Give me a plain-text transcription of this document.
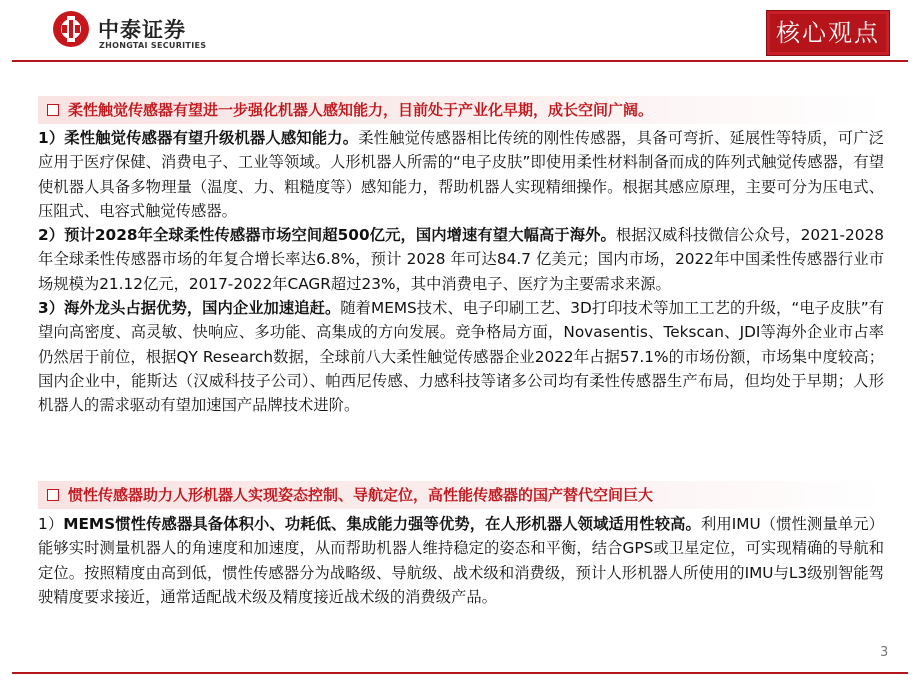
中泰证券
ZHONGTAI SECURITIES	核心观点
柔性触觉传感器有望进一步强化机器人感知能力，目前处于产业化早期，成长空间广阔。
1）柔性触觉传感器有望升级机器人感知能力。柔性触觉传感器相比传统的刚性传感器，具备可弯折、延展性等特质，可广泛应用于医疗保健、消费电子、工业等领域。人形机器人所需的“电子皮肤”即使用柔性材料制备而成的阵列式触觉传感器，有望使机器人具备多物理量（温度、力、粗糙度等）感知能力，帮助机器人实现精细操作。根据其感应原理，主要可分为压电式、压阻式、电容式触觉传感器。
2）预计2028年全球柔性传感器市场空间超500亿元，国内增速有望大幅高于海外。根据汉威科技微信公众号，2021-2028 年全球柔性传感器市场的年复合增长率达6.8%，预计 2028 年可达84.7 亿美元；国内市场，2022年中国柔性传感器行业市场规模为21.12亿元，2017-2022年CAGR超过23%，其中消费电子、医疗为主要需求来源。
3）海外龙头占据优势，国内企业加速追赶。随着MEMS技术、电子印刷工艺、3D打印技术等加工工艺的升级，“电子皮肤”有望向高密度、高灵敏、快响应、多功能、高集成的方向发展。竞争格局方面，Novasentis、Tekscan、JDI等海外企业市占率仍然居于前位，根据QY Research数据，全球前八大柔性触觉传感器企业2022年占据57.1%的市场份额，市场集中度较高；国内企业中，能斯达（汉威科技子公司）、帕西尼传感、力感科技等诸多公司均有柔性传感器生产布局，但均处于早期；人形机器人的需求驱动有望加速国产品牌技术进阶。
惯性传感器助力人形机器人实现姿态控制、导航定位，高性能传感器的国产替代空间巨大
1）MEMS惯性传感器具备体积小、功耗低、集成能力强等优势，在人形机器人领域适用性较高。利用IMU（惯性测量单元）能够实时测量机器人的角速度和加速度，从而帮助机器人维持稳定的姿态和平衡，结合GPS或卫星定位，可实现精确的导航和定位。按照精度由高到低，惯性传感器分为战略级、导航级、战术级和消费级，预计人形机器人所使用的IMU与L3级别智能驾驶精度要求接近，通常适配战术级及精度接近战术级的消费级产品。
3
